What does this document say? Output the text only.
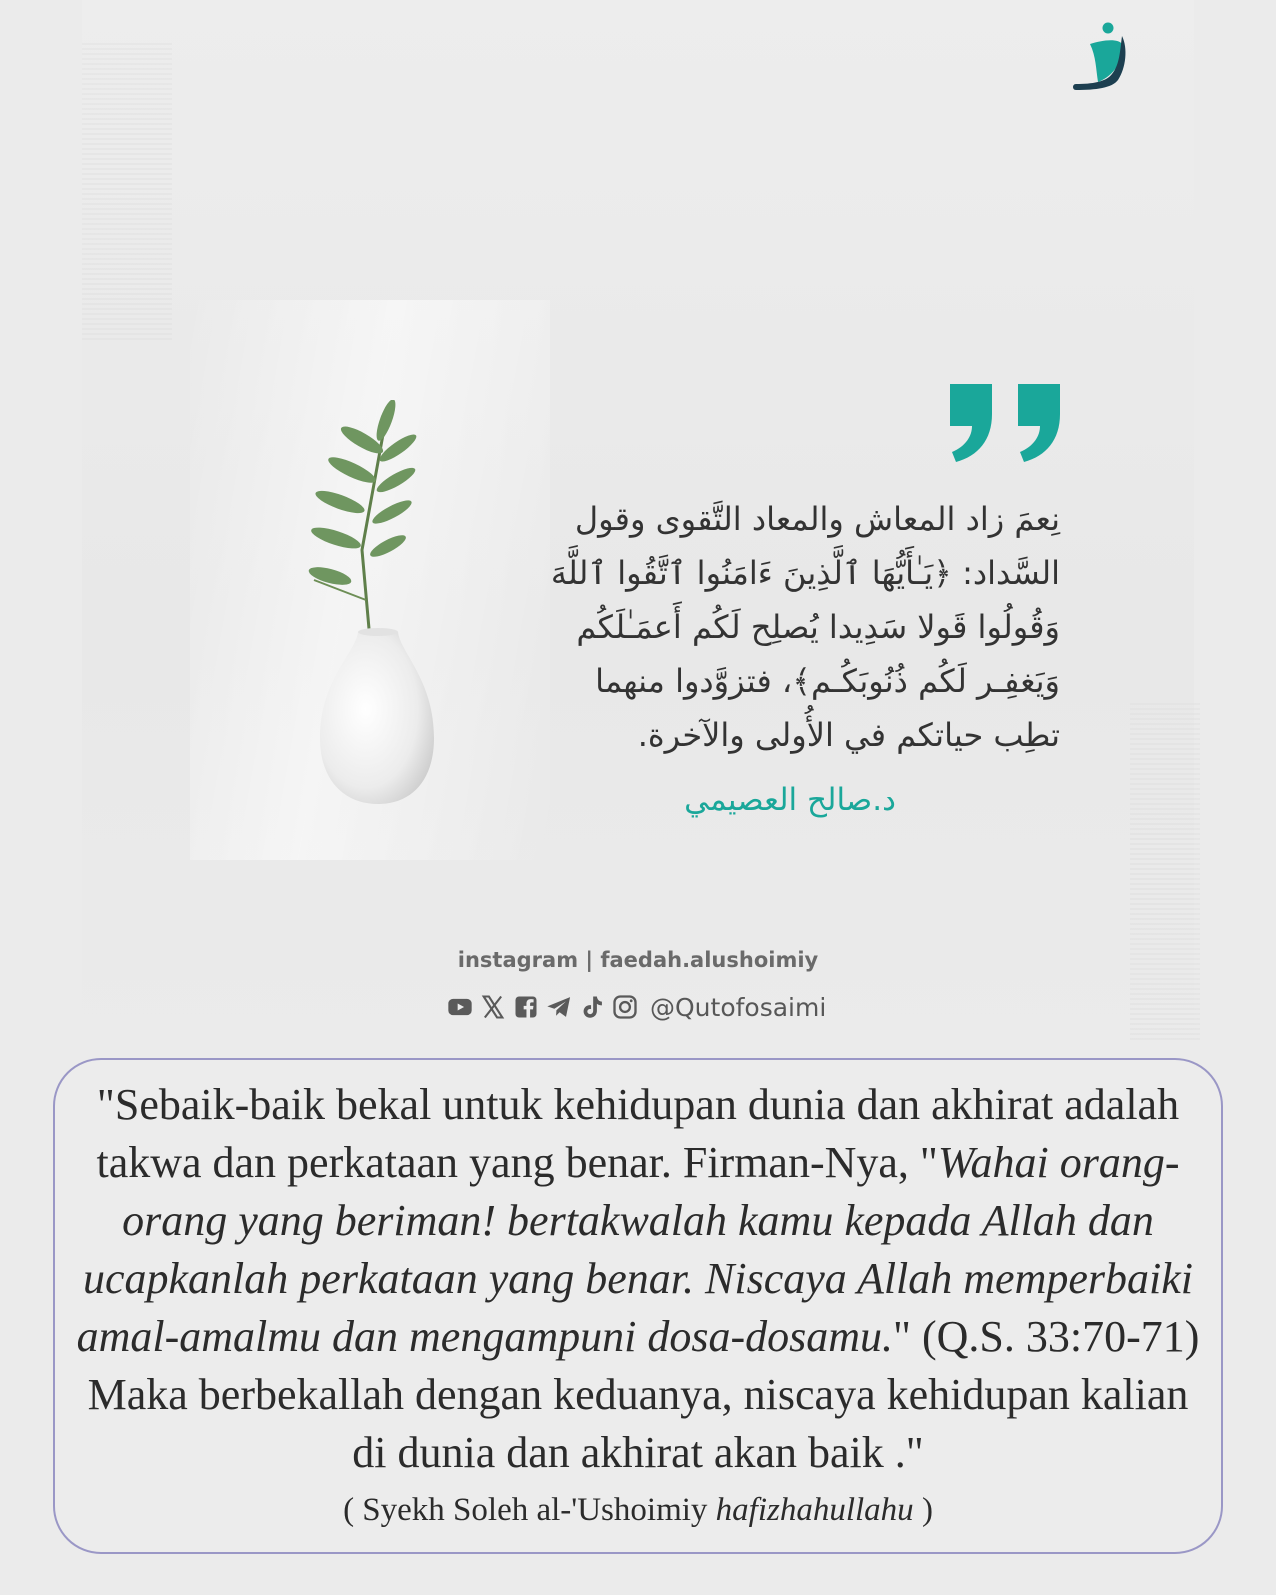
نِعمَ زاد المعاش والمعاد التَّقوى وقول
السَّداد: ﴿يَـٰأَيُّهَا ٱلَّذِينَ ءَامَنُوا ٱتَّقُوا ٱللَّهَ
وَقُولُوا قَولا سَدِيدا يُصلِح لَكُم أَعمَـٰلَكُم
وَيَغفِـر لَكُم ذُنُوبَكُـم﴾، فتزوَّدوا منهما
تطِب حياتكم في الأُولى والآخرة.
د.صالح العصيمي
instagram | faedah.alushoimiy
@Qutofosaimi
"Sebaik-baik bekal untuk kehidupan dunia dan akhirat adalah takwa dan perkataan yang benar. Firman-Nya, "Wahai orang-orang yang beriman! bertakwalah kamu kepada Allah dan ucapkanlah perkataan yang benar. Niscaya Allah memperbaiki amal-amalmu dan mengampuni dosa-dosamu." (Q.S. 33:70-71) Maka berbekallah dengan keduanya, niscaya kehidupan kalian di dunia dan akhirat akan baik ."
( Syekh Soleh al-'Ushoimiy hafizhahullahu )
